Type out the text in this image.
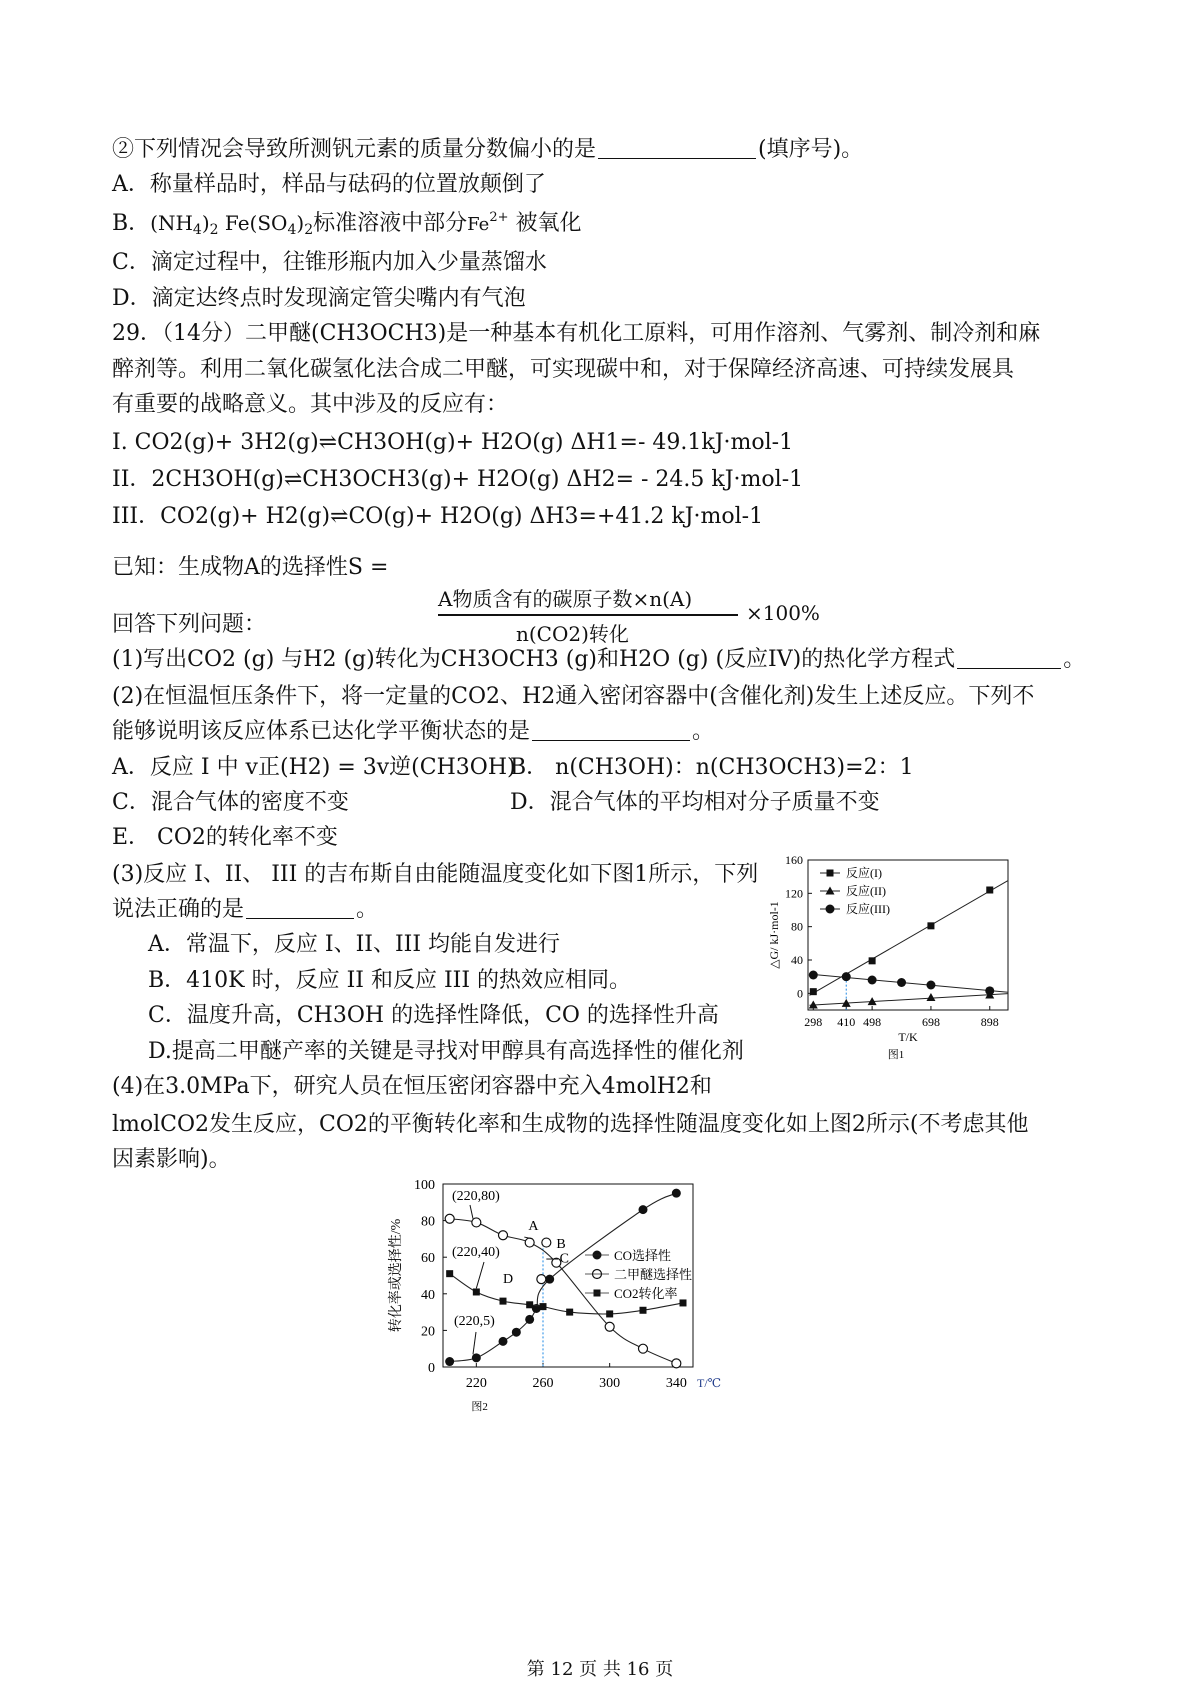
②下列情况会导致所测钒元素的质量分数偏小的是	(填序号)。
A．称量样品时，样品与砝码的位置放颠倒了
B．$(NH_4)_2$ $Fe(SO_4)_2$标准溶液中部分$Fe^{2+}$ 被氧化
C．滴定过程中，往锥形瓶内加入少量蒸馏水
D．滴定达终点时发现滴定管尖嘴内有气泡
29．（14分）二甲醚(CH3OCH3)是一种基本有机化工原料，可用作溶剂、气雾剂、制冷剂和麻
醉剂等。利用二氧化碳氢化法合成二甲醚，可实现碳中和，对于保障经济高速、可持续发展具
有重要的战略意义。其中涉及的反应有：
I. CO2(g)+ 3H2(g)⇌CH3OH(g)+ H2O(g) ΔH1=- 49.1kJ·mol-1
II．2CH3OH(g)⇌CH3OCH3(g)+ H2O(g) ΔH2= - 24.5 kJ·mol-1
III．CO2(g)+ H2(g)⇌CO(g)+ H2O(g) ΔH3=+41.2 kJ·mol-1
已知：生成物A的选择性S =
A物质含有的碳原子数×n(A)
n(CO2)转化
×100%
回答下列问题：
(1)写出CO2 (g) 与H2 (g)转化为CH3OCH3 (g)和H2O (g) (反应IV)的热化学方程式	。
(2)在恒温恒压条件下，将一定量的CO2、H2通入密闭容器中(含催化剂)发生上述反应。下列不
能够说明该反应体系已达化学平衡状态的是	。
A．反应 I 中 v正(H2) = 3v逆(CH3OH)
B． n(CH3OH)：n(CH3OCH3)=2：1
C．混合气体的密度不变	D．混合气体的平均相对分子质量不变
E． CO2的转化率不变
(3)反应 I、II、 III 的吉布斯自由能随温度变化如下图1所示，下列
说法正确的是	。
A．常温下，反应 I、II、III 均能自发进行
B．410K 时，反应 II 和反应 III 的热效应相同。
C．温度升高，CH3OH 的选择性降低，CO 的选择性升高
D.提高二甲醚产率的关键是寻找对甲醇具有高选择性的催化剂
(4)在3.0MPa下，研究人员在恒压密闭容器中充入4molH2和
lmolCO2发生反应，CO2的平衡转化率和生成物的选择性随温度变化如上图2所示(不考虑其他
因素影响)。
0
40
80
120
160
298 410 498	698	898
T/K
△G/ kJ·mol-1
图1
反应(I)
反应(II)
反应(III)
0
20
40
60
80
100
220	260	300	340 T/℃
转化率或选择性/%
图2
CO选择性
二甲醚选择性
CO2转化率
(220,80)
(220,40)
(220,5)
A
B
C
D
第 12 页 共 16 页
